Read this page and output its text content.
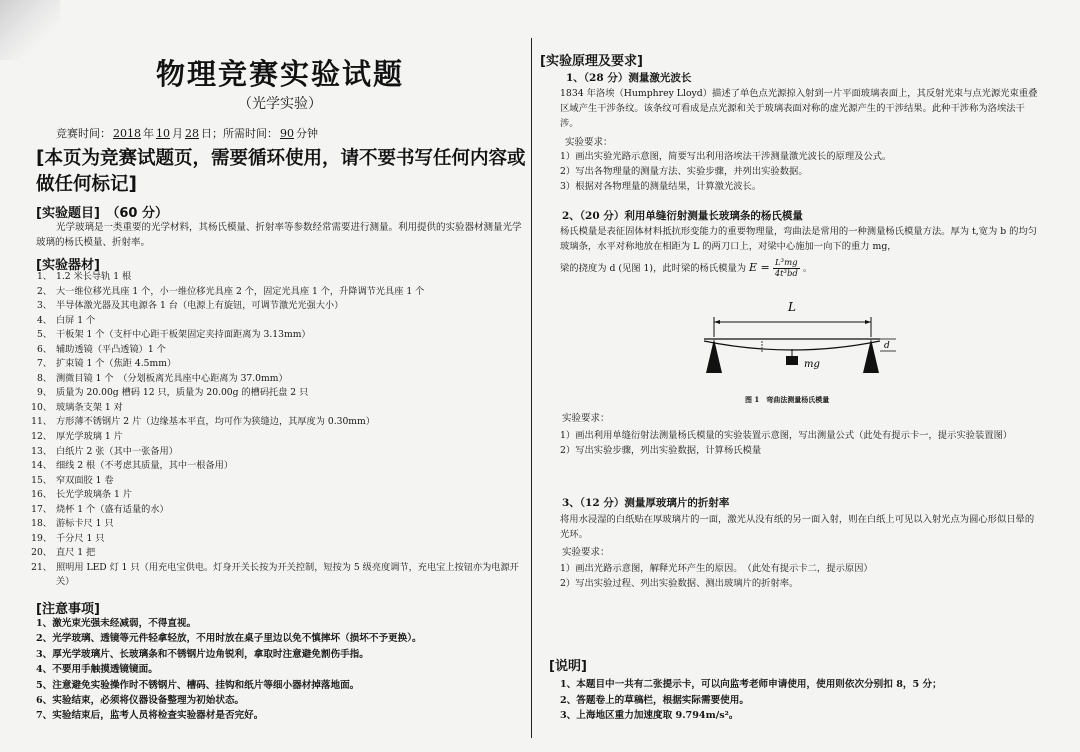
物理竞赛实验试题
（光学实验）
竞赛时间： 2018 年 10 月 28 日；所需时间： 90 分钟
[本页为竞赛试题页，需要循环使用，请不要书写任何内容或做任何标记]
[实验题目]　（60 分）
光学玻璃是一类重要的光学材料，其杨氏模量、折射率等参数经常需要进行测量。利用提供的实验器材测量光学玻璃的杨氏模量、折射率。
[实验器材]
1、 1.2 米长导轨 1 根
2、 大一维位移光具座 1 个，小一维位移光具座 2 个，固定光具座 1 个，升降调节光具座 1 个
3、 半导体激光器及其电源各 1 台（电源上有旋钮，可调节激光光强大小）
4、 白屏 1 个
5、 干板架 1 个（支杆中心距干板架固定夹持面距离为 3.13mm）
6、 辅助透镜（平凸透镜）1 个
7、 扩束镜 1 个（焦距 4.5mm）
8、 测微目镜 1 个　（分划板离光具座中心距离为 37.0mm）
9、 质量为 20.00g 槽码 12 只，质量为 20.00g 的槽码托盘 2 只
10、 玻璃条支架 1 对
11、 方形薄不锈钢片 2 片（边缘基本平直，均可作为狭缝边，其厚度为 0.30mm）
12、 厚光学玻璃 1 片
13、 白纸片 2 张（其中一张备用）
14、 细线 2 根（不考虑其质量，其中一根备用）
15、 窄双面胶 1 卷
16、 长光学玻璃条 1 片
17、 烧杯 1 个（盛有适量的水）
18、 游标卡尺 1 只
19、 千分尺 1 只
20、 直尺 1 把
21、 照明用 LED 灯 1 只（用充电宝供电。灯身开关长按为开关控制，短按为 5 级亮度调节，充电宝上按钮亦为电源开关）
[注意事项]
1、激光束光强未经减弱，不得直视。
2、光学玻璃、透镜等元件轻拿轻放，不用时放在桌子里边以免不慎摔坏（损坏不予更换）。
3、厚光学玻璃片、长玻璃条和不锈钢片边角锐利，拿取时注意避免割伤手指。
4、不要用手触摸透镜镜面。
5、注意避免实验操作时不锈钢片、槽码、挂钩和纸片等细小器材掉落地面。
6、实验结束，必须将仪器设备整理为初始状态。
7、实验结束后，监考人员将检查实验器材是否完好。
[实验原理及要求]
1、（28 分）测量激光波长
1834 年洛埃（Humphrey Lloyd）描述了单色点光源掠入射到一片平面玻璃表面上，其反射光束与点光源光束重叠区域产生干涉条纹。该条纹可看成是点光源和关于玻璃表面对称的虚光源产生的干涉结果。此种干涉称为洛埃法干涉。
实验要求：
1）画出实验光路示意图，简要写出利用洛埃法干涉测量激光波长的原理及公式。
2）写出各物理量的测量方法、实验步骤，并列出实验数据。
3）根据对各物理量的测量结果，计算激光波长。
2、（20 分）利用单缝衍射测量长玻璃条的杨氏模量
杨氏模量是表征固体材料抵抗形变能力的重要物理量，弯曲法是常用的一种测量杨氏模量方法。厚为 t,宽为 b 的均匀玻璃条，水平对称地放在相距为 L 的两刀口上，对梁中心施加一向下的重力 mg，
梁的挠度为 d (见图 1)，此时梁的杨氏模量为 $E = \frac{\text{L³mg}}{\text{4t³bd}}$ 。
L
mg
d
图 1　弯曲法测量杨氏模量
实验要求：
1）画出利用单缝衍射法测量杨氏模量的实验装置示意图，写出测量公式（此处有提示卡一，提示实验装置图）
2）写出实验步骤，列出实验数据，计算杨氏模量
3、（12 分）测量厚玻璃片的折射率
将用水浸湿的白纸贴在厚玻璃片的一面，激光从没有纸的另一面入射，则在白纸上可见以入射光点为圆心形似日晕的光环。
实验要求：
1）画出光路示意图，解释光环产生的原因。　（此处有提示卡二，提示原因）
2）写出实验过程、列出实验数据、测出玻璃片的折射率。
[说明]
1、本题目中一共有二张提示卡，可以向监考老师申请使用，使用则依次分别扣 8，5 分；
2、答题卷上的草稿栏，根据实际需要使用。
3、上海地区重力加速度取 9.794m/s²。
